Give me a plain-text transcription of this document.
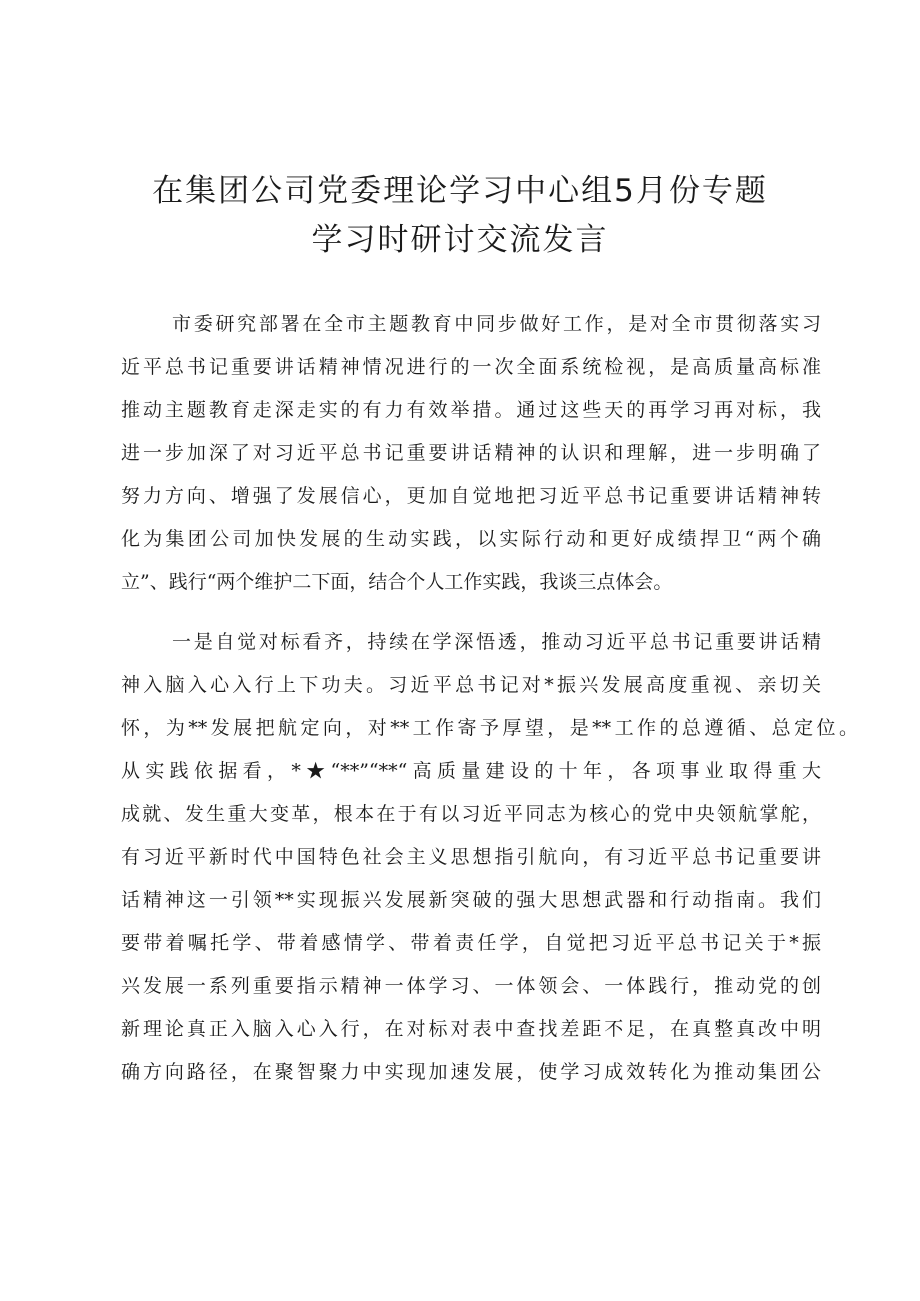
在集团公司党委理论学习中心组5月份专题
学习时研讨交流发言
市委研究部署在全市主题教育中同步做好工作，是对全市贯彻落实习
近平总书记重要讲话精神情况进行的一次全面系统检视，是高质量高标准
推动主题教育走深走实的有力有效举措。通过这些天的再学习再对标，我
进一步加深了对习近平总书记重要讲话精神的认识和理解，进一步明确了
努力方向、增强了发展信心，更加自觉地把习近平总书记重要讲话精神转
化为集团公司加快发展的生动实践，以实际行动和更好成绩捍卫“两个确
立”、践行“两个维护二下面，结合个人工作实践，我谈三点体会。
一是自觉对标看齐，持续在学深悟透，推动习近平总书记重要讲话精
神入脑入心入行上下功夫。习近平总书记对*振兴发展高度重视、亲切关
怀，为**发展把航定向，对**工作寄予厚望，是**工作的总遵循、总定位。
从实践依据看，*★“**”“**“高质量建设的十年，各项事业取得重大
成就、发生重大变革，根本在于有以习近平同志为核心的党中央领航掌舵，
有习近平新时代中国特色社会主义思想指引航向，有习近平总书记重要讲
话精神这一引领**实现振兴发展新突破的强大思想武器和行动指南。我们
要带着嘱托学、带着感情学、带着责任学，自觉把习近平总书记关于*振
兴发展一系列重要指示精神一体学习、一体领会、一体践行，推动党的创
新理论真正入脑入心入行，在对标对表中查找差距不足，在真整真改中明
确方向路径，在聚智聚力中实现加速发展，使学习成效转化为推动集团公
